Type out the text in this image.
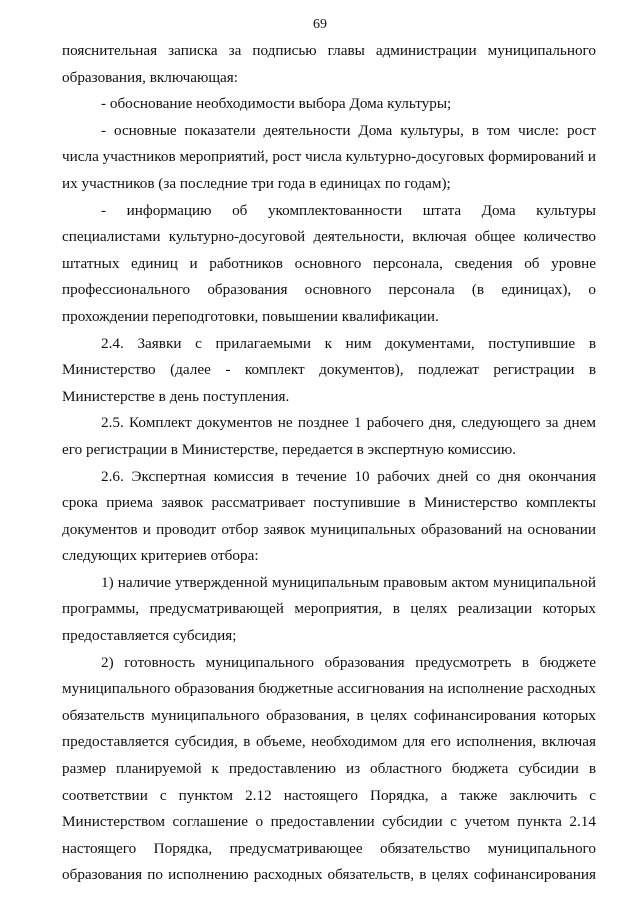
69

пояснительная записка за подписью главы администрации муниципального образования, включающая:

- обоснование необходимости выбора Дома культуры;

- основные показатели деятельности Дома культуры, в том числе: рост числа участников мероприятий, рост числа культурно-досуговых формирований и их участников (за последние три года в единицах по годам);

- информацию об укомплектованности штата Дома культуры специалистами культурно-досуговой деятельности, включая общее количество штатных единиц и работников основного персонала, сведения об уровне профессионального образования основного персонала (в единицах), о прохождении переподготовки, повышении квалификации.

2.4. Заявки с прилагаемыми к ним документами, поступившие в Министерство (далее - комплект документов), подлежат регистрации в Министерстве в день поступления.

2.5. Комплект документов не позднее 1 рабочего дня, следующего за днем его регистрации в Министерстве, передается в экспертную комиссию.

2.6. Экспертная комиссия в течение 10 рабочих дней со дня окончания срока приема заявок рассматривает поступившие в Министерство комплекты документов и проводит отбор заявок муниципальных образований на основании следующих критериев отбора:

1) наличие утвержденной муниципальным правовым актом муниципальной программы, предусматривающей мероприятия, в целях реализации которых предоставляется субсидия;

2) готовность муниципального образования предусмотреть в бюджете муниципального образования бюджетные ассигнования на исполнение расходных обязательств муниципального образования, в целях софинансирования которых предоставляется субсидия, в объеме, необходимом для его исполнения, включая размер планируемой к предоставлению из областного бюджета субсидии в соответствии с пунктом 2.12 настоящего Порядка, а также заключить с Министерством соглашение о предоставлении субсидии с учетом пункта 2.14 настоящего Порядка, предусматривающее обязательство муниципального образования по исполнению расходных обязательств, в целях софинансирования
